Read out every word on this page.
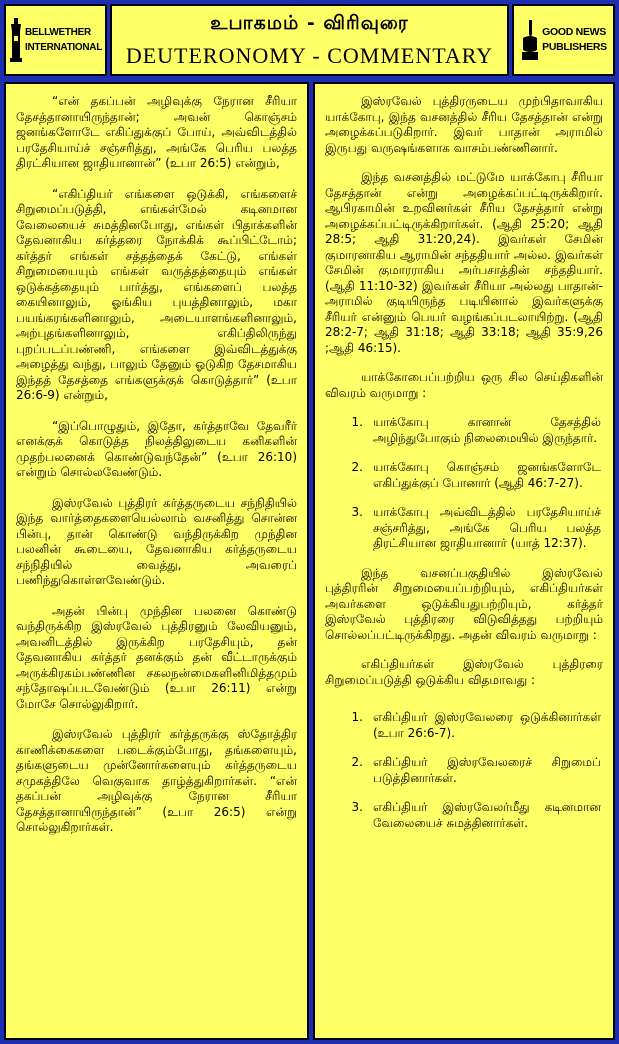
BELLWETHER
INTERNATIONAL
உபாகமம் - விரிவுரை
DEUTERONOMY - COMMENTARY
GOOD NEWS
PUBLISHERS

“என் தகப்பன் அழிவுக்கு நேரான சீரியா தேசத்தானாயிருந்தான்; அவன் கொஞ்சம் ஜனங்களோடே எகிப்துக்குப் போய், அவ்விடத்தில் பரதேசியாய்ச் சஞ்சரித்து, அங்கே பெரிய பலத்த திரட்சியான ஜாதியானான்” (உபா 26:5) என்றும்,

“எகிப்தியர் எங்களை ஒடுக்கி, எங்களைச் சிறுமைப்படுத்தி, எங்கள்மேல் கடினமான வேலையைச் சுமத்தினபோது, எங்கள் பிதாக்களின் தேவனாகிய கர்த்தரை நோக்கிக் கூப்பிட்டோம்; கர்த்தர் எங்கள் சத்தத்தைக் கேட்டு, எங்கள் சிறுமையையும் எங்கள் வருத்தத்தையும் எங்கள் ஒடுக்கத்தையும் பார்த்து, எங்களைப் பலத்த கையினாலும், ஓங்கிய புயத்தினாலும், மகா பயங்கரங்களினாலும், அடையாளங்களினாலும், அற்புதங்களினாலும், எகிப்திலிருந்து புறப்படப்பண்ணி, எங்களை இவ்விடத்துக்கு அழைத்து வந்து, பாலும் தேனும் ஓடுகிற தேசமாகிய இந்தத் தேசத்தை எங்களுக்குக் கொடுத்தார்” (உபா 26:6-9) என்றும்,

“இப்பொழுதும், இதோ, கர்த்தாவே தேவரீர் எனக்குக் கொடுத்த நிலத்திலுடைய கனிகளின் முதற்பலனைக் கொண்டுவந்தேன்” (உபா 26:10) என்றும் சொல்லவேண்டும்.

இஸ்ரவேல் புத்திரர் கர்த்தருடைய சந்நிதியில் இந்த வார்த்தைகளையெல்லாம் வசனித்து சொன்ன பின்பு, தான் கொண்டு வந்திருக்கிற முந்தின பலனின் கூடையை, தேவனாகிய கர்த்தருடைய சந்நிதியில் வைத்து, அவரைப் பணிந்துகொள்ளவேண்டும்.

அதன் பின்பு முந்தின பலனை கொண்டு வந்திருக்கிற இஸ்ரவேல் புத்திரனும் லேவியனும், அவனிடத்தில் இருக்கிற பரதேசியும், தன் தேவனாகிய கர்த்தர் தனக்கும் தன் வீட்டாருக்கும் அருக்கிரகம்பண்ணின சகலநன்மைகளினிமித்தமும் சந்தோஷப்படவேண்டும் (உபா 26:11) என்று மோசே சொல்லுகிறார்.

இஸ்ரவேல் புத்திரர் கர்த்தருக்கு ஸ்தோத்திர காணிக்கைகளை படைக்கும்போது, தங்களையும், தங்களுடைய முன்னோர்களையும் கர்த்தருடைய சமுகத்திலே வெகுவாக தாழ்த்துகிறார்கள். “என் தகப்பன் அழிவுக்கு நேரான சீரியா தேசத்தானாயிருந்தான்” (உபா 26:5) என்று சொல்லுகிறார்கள்.

இஸ்ரவேல் புத்திரருடைய முற்பிதாவாகிய யாக்கோபு, இந்த வசனத்தில் சீரிய தேசத்தான் என்று அழைக்கப்படுகிறார். இவர் பாதான் அராமில் இருபது வருஷங்களாக வாசம்பண்ணினார்.

இந்த வசனத்தில் மட்டுமே யாக்கோபு சீரியா தேசத்தான் என்று அழைக்கப்பட்டிருக்கிறார். ஆபிரகாமின் உறவினர்கள் சீரிய தேசத்தார் என்று அழைக்கப்பட்டிருக்கிறார்கள். (ஆதி 25:20; ஆதி 28:5; ஆதி 31:20,24). இவர்கள் சேமின் குமாரனாகிய ஆராமின் சந்ததியார் அல்ல. இவர்கள் சேமின் குமாரராகிய அர்பசாத்தின் சந்ததியார். (ஆதி 11:10-32) இவர்கள் சீரியா அல்லது பாதான்-அராமில் குடியிருந்த படியினால் இவர்களுக்கு சீரியர் என்னும் பெயர் வழங்கப்படலாயிற்று. (ஆதி 28:2-7; ஆதி 31:18; ஆதி 33:18; ஆதி 35:9,26 ;ஆதி 46:15).

யாக்கோபைப்பற்றிய ஒரு சில செய்திகளின் விவரம் வருமாறு :

1. யாக்கோபு கானான் தேசத்தில் அழிந்துபோகும் நிலைமையில் இருந்தார்.
2. யாக்கோபு கொஞ்சம் ஜனங்களோடே எகிப்துக்குப் போனார் (ஆதி 46:7-27).
3. யாக்கோபு அவ்விடத்தில் பரதேசியாய்ச் சஞ்சரித்து, அங்கே பெரிய பலத்த திரட்சியான ஜாதியானார் (யாத் 12:37).

இந்த வசனப்பகுதியில் இஸ்ரவேல் புத்திரரின் சிறுமையைப்பற்றியும், எகிப்தியர்கள் அவர்களை ஒடுக்கியதுபற்றியும், கர்த்தர் இஸ்ரவேல் புத்திரரை விடுவித்தது பற்றியும் சொல்லப்பட்டிருக்கிறது. அதன் விவரம் வருமாறு :

எகிப்தியர்கள் இஸ்ரவேல் புத்திரரை சிறுமைப்படுத்தி ஒடுக்கிய விதமாவது :

1. எகிப்தியர் இஸ்ரவேலரை ஒடுக்கினார்கள் (உபா 26:6-7).
2. எகிப்தியர் இஸ்ரவேலரைச் சிறுமைப் படுத்தினார்கள்.
3. எகிப்தியர் இஸ்ரவேலர்மீது கடினமான வேலையைச் சுமத்தினார்கள்.
